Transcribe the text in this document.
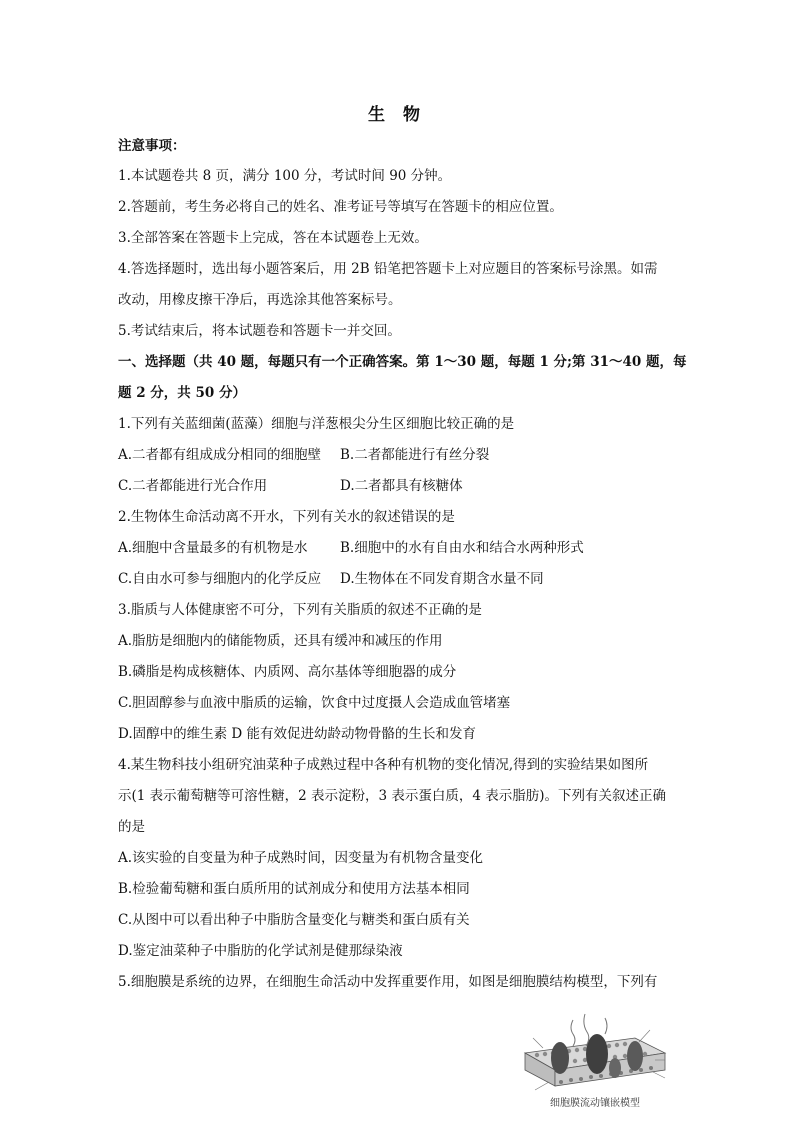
生 物
注意事项：
1.本试题卷共 8 页，满分 100 分，考试时间 90 分钟。
2.答题前，考生务必将自己的姓名、准考证号等填写在答题卡的相应位置。
3.全部答案在答题卡上完成，答在本试题卷上无效。
4.答选择题时，选出每小题答案后，用 2B 铅笔把答题卡上对应题目的答案标号涂黑。如需
改动，用橡皮擦干净后，再选涂其他答案标号。
5.考试结束后，将本试题卷和答题卡一并交回。
一、选择题（共 40 题，每题只有一个正确答案。第 1～30 题，每题 1 分;第 31～40 题，每
题 2 分，共 50 分）
1.下列有关蓝细菌(蓝藻）细胞与洋葱根尖分生区细胞比较正确的是
A.二者都有组成成分相同的细胞壁 B.二者都能进行有丝分裂
C.二者都能进行光合作用	D.二者都具有核糖体
2.生物体生命活动离不开水，下列有关水的叙述错误的是
A.细胞中含量最多的有机物是水 B.细胞中的水有自由水和结合水两种形式
C.自由水可参与细胞内的化学反应 D.生物体在不同发育期含水量不同
3.脂质与人体健康密不可分，下列有关脂质的叙述不正确的是
A.脂肪是细胞内的储能物质，还具有缓冲和减压的作用
B.磷脂是构成核糖体、内质网、高尔基体等细胞器的成分
C.胆固醇参与血液中脂质的运输，饮食中过度摄人会造成血管堵塞
D.固醇中的维生素 D 能有效促进幼龄动物骨骼的生长和发育
4.某生物科技小组研究油菜种子成熟过程中各种有机物的变化情况,得到的实验结果如图所
示(1 表示葡萄糖等可溶性糖，2 表示淀粉，3 表示蛋白质，4 表示脂肪)。下列有关叙述正确
的是
A.该实验的自变量为种子成熟时间，因变量为有机物含量变化
B.检验葡萄糖和蛋白质所用的试剂成分和使用方法基本相同
C.从图中可以看出种子中脂肪含量变化与糖类和蛋白质有关
D.鉴定油菜种子中脂肪的化学试剂是健那绿染液
5.细胞膜是系统的边界，在细胞生命活动中发挥重要作用，如图是细胞膜结构模型，下列有
细胞膜流动镶嵌模型
